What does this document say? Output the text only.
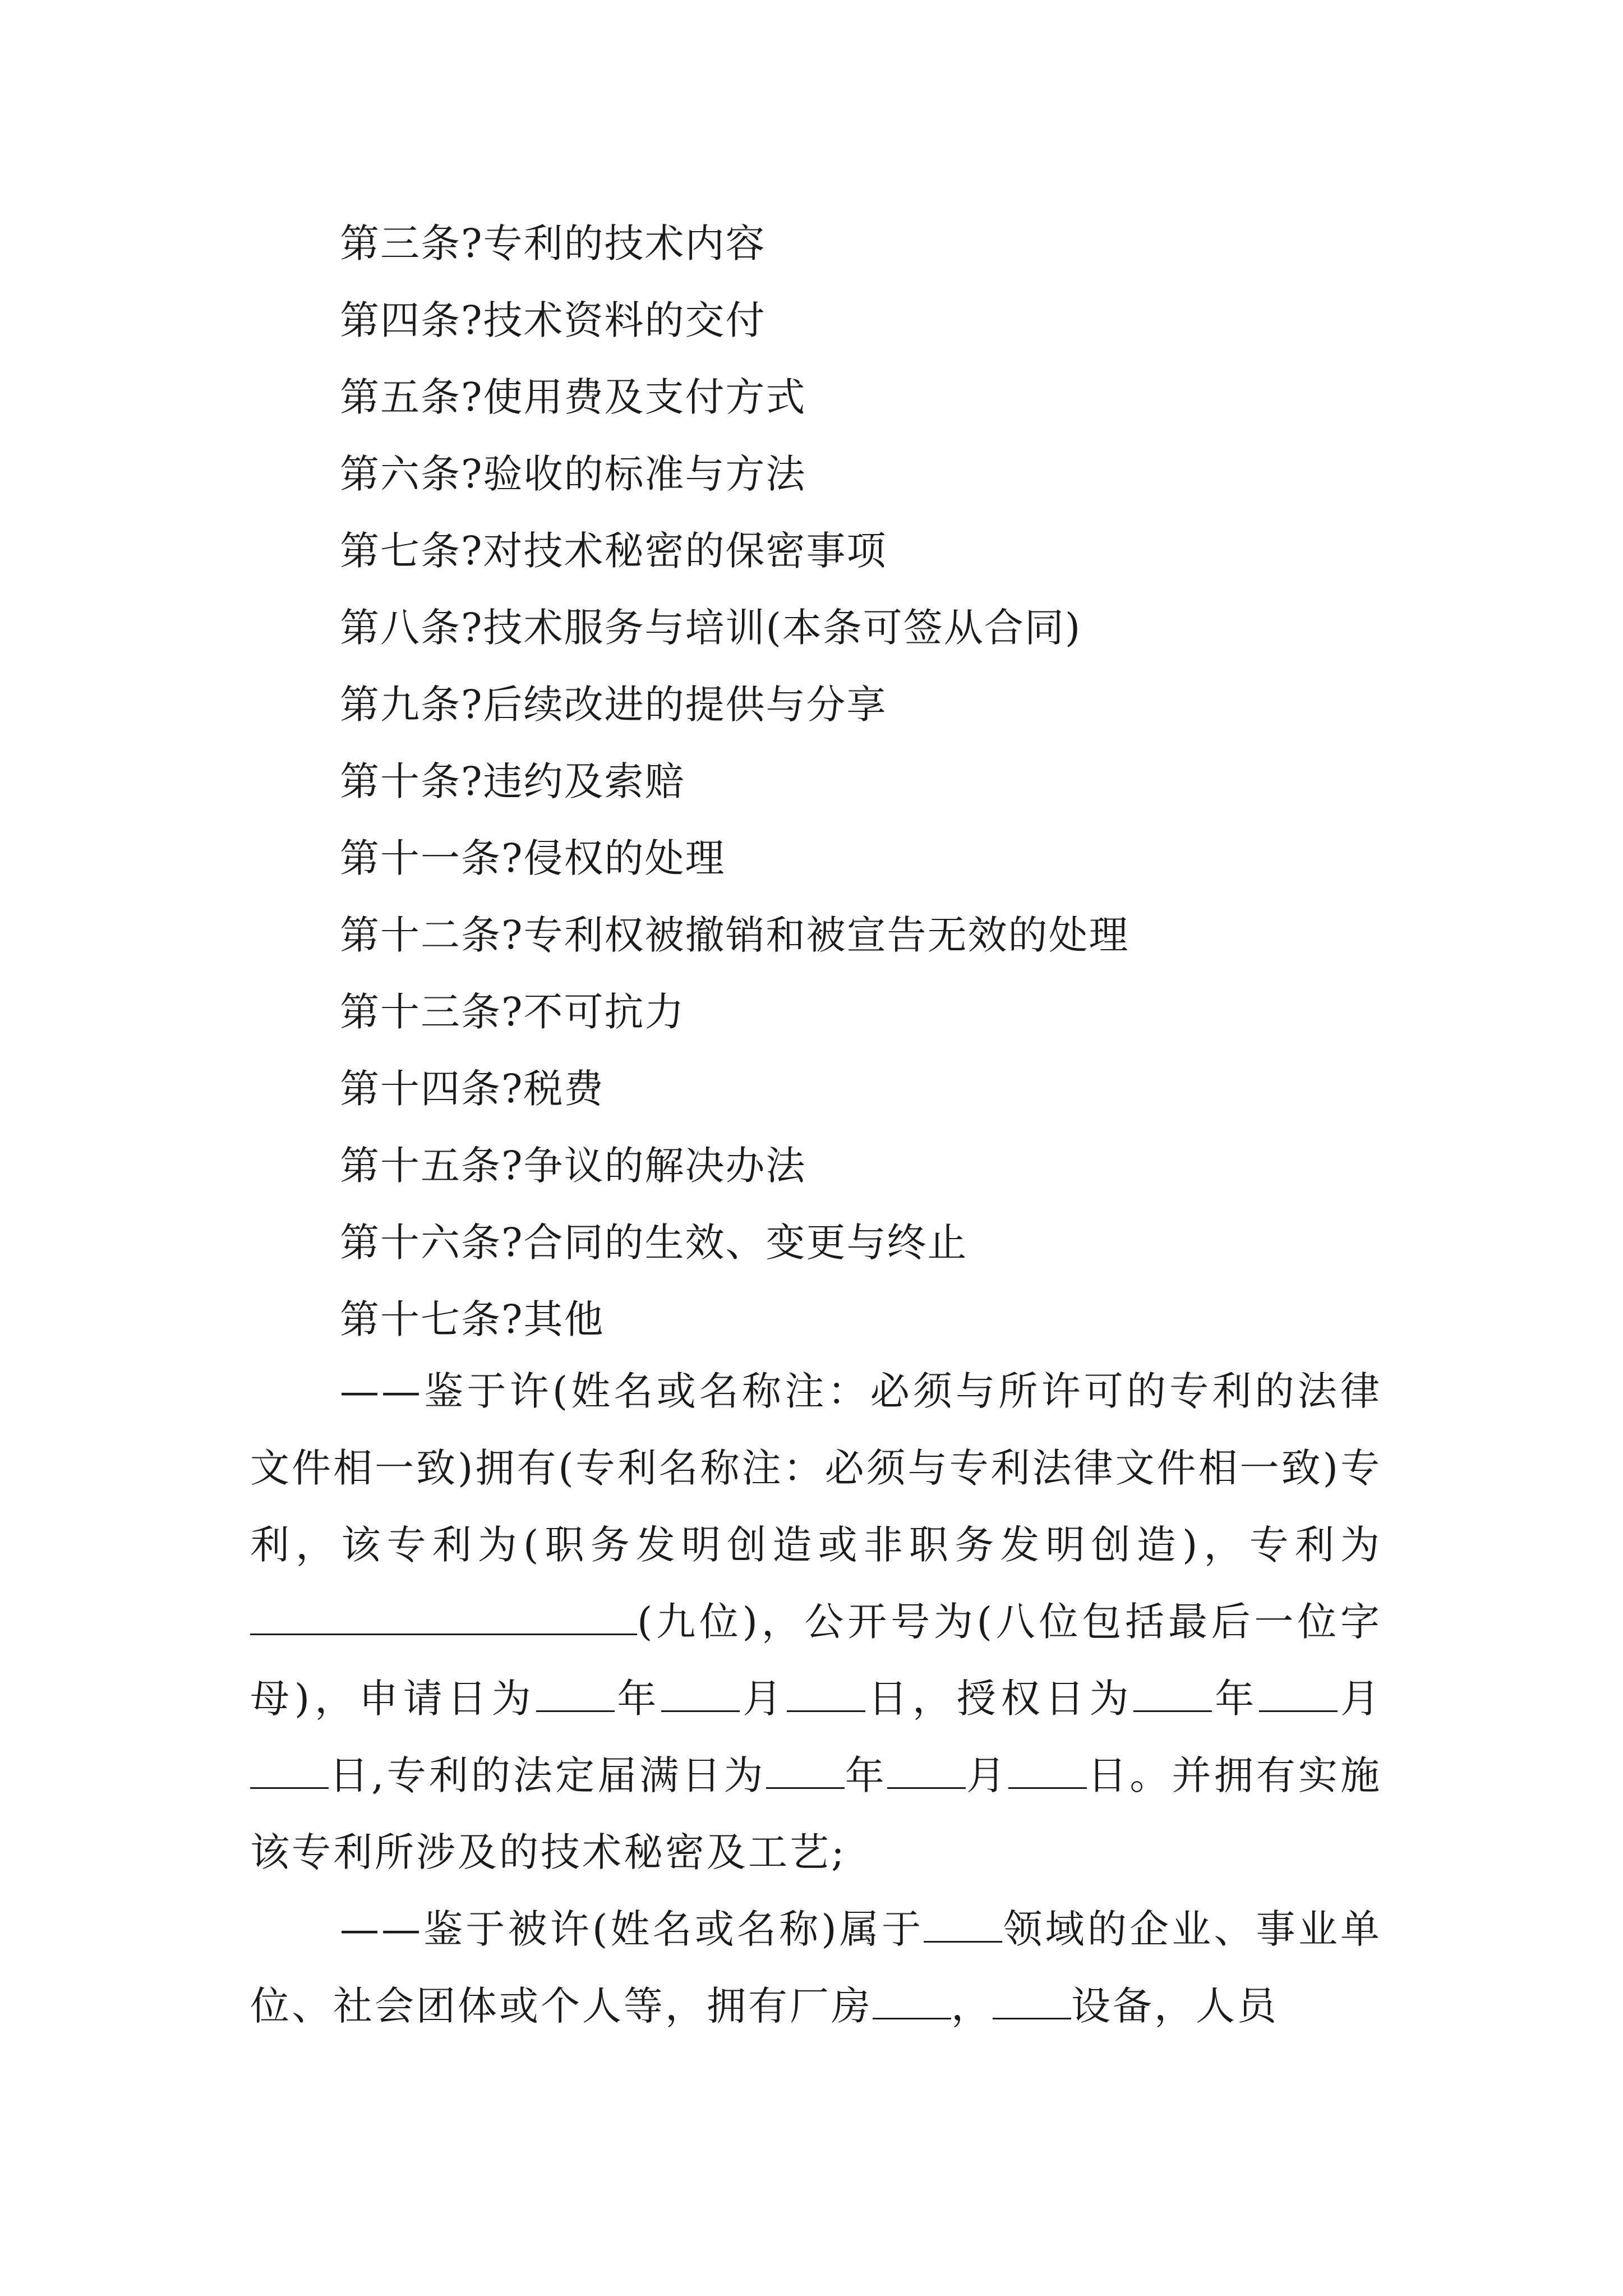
第三条?专利的技术内容
第四条?技术资料的交付
第五条?使用费及支付方式
第六条?验收的标准与方法
第七条?对技术秘密的保密事项
第八条?技术服务与培训(本条可签从合同)
第九条?后续改进的提供与分享
第十条?违约及索赔
第十一条?侵权的处理
第十二条?专利权被撤销和被宣告无效的处理
第十三条?不可抗力
第十四条?税费
第十五条?争议的解决办法
第十六条?合同的生效、变更与终止
第十七条?其他

——鉴于许(姓名或名称注：必须与所许可的专利的法律文件相一致)拥有(专利名称注：必须与专利法律文件相一致)专利，该专利为(职务发明创造或非职务发明创造)，专利为(九位)，公开号为(八位包括最后一位字母)，申请日为 年 月 日，授权日为 年 月日,专利的法定届满日为 年 月 日。并拥有实施该专利所涉及的技术秘密及工艺;

——鉴于被许(姓名或名称)属于 领域的企业、事业单位、社会团体或个人等，拥有厂房 ， 设备，人员
